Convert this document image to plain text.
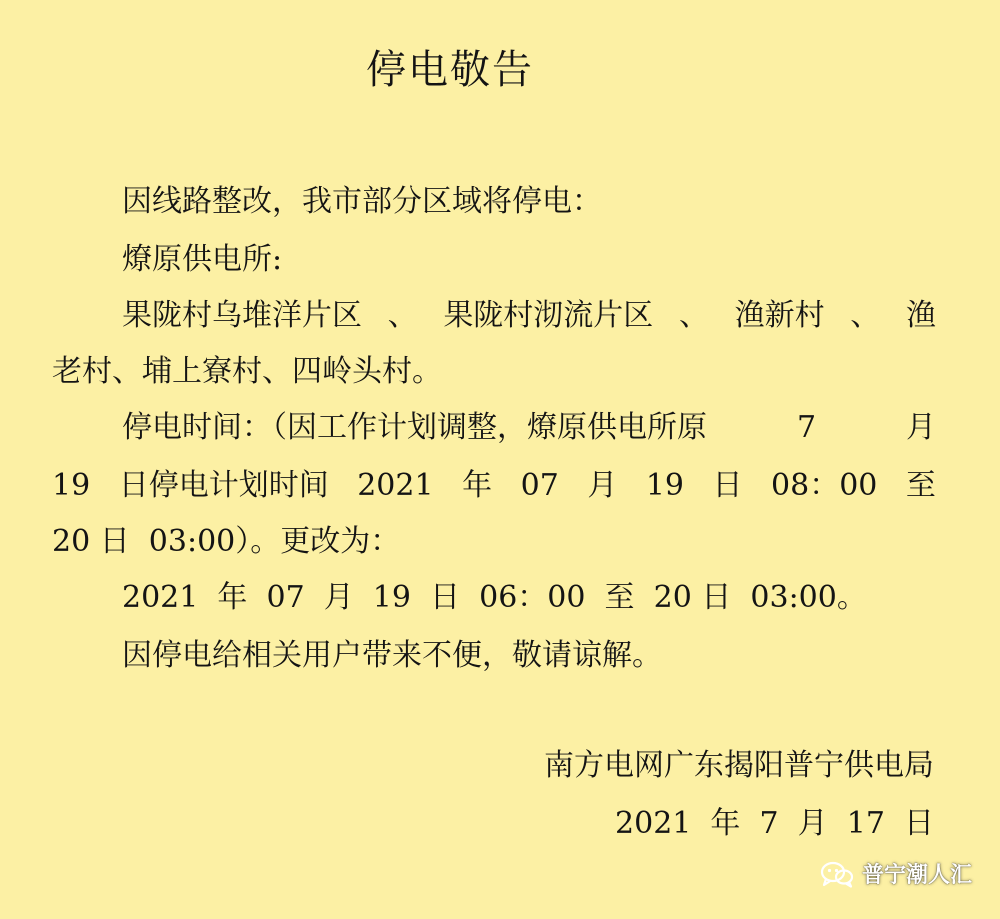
停电敬告
因线路整改，我市部分区域将停电：
燎原供电所:
果陇村乌堆洋片区 、 果陇村沏流片区 、 渔新村 、 渔
老村、埔上寮村、四岭头村。
停电时间：（因工作计划调整，燎原供电所原	7	月
19 日停电计划时间 2021 年 07 月 19 日 08：00 至
20 日  03:00）。更改为：
2021  年  07  月  19  日  06：00  至  20 日  03:00。
因停电给相关用户带来不便，敬请谅解。
南方电网广东揭阳普宁供电局
2021  年  7  月  17  日
普宁潮人汇
